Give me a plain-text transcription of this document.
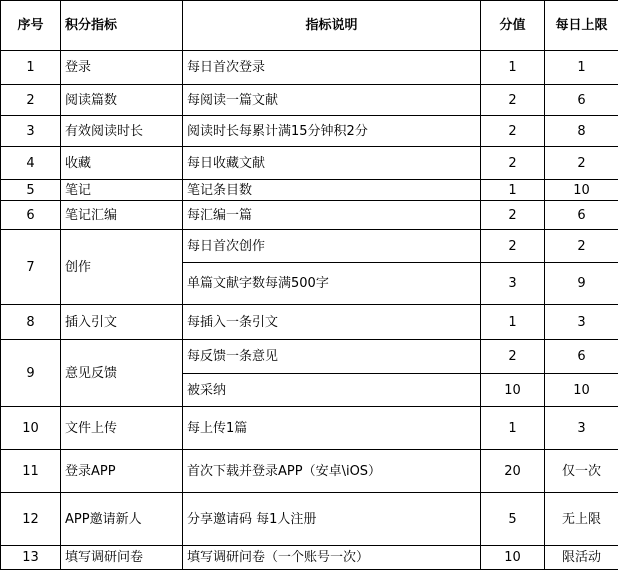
序号	积分指标	指标说明	分值	每日上限
1	登录	每日首次登录	1	1
2	阅读篇数	每阅读一篇文献	2	6
3	有效阅读时长	阅读时长每累计满15分钟积2分	2	8
4	收藏	每日收藏文献	2	2
5	笔记	笔记条目数	1	10
6	笔记汇编	每汇编一篇	2	6
7	创作	每日首次创作	2	2
		单篇文献字数每满500字	3	9
8	插入引文	每插入一条引文	1	3
9	意见反馈	每反馈一条意见	2	6
		被采纳	10	10
10	文件上传	每上传1篇	1	3
11	登录APP	首次下载并登录APP（安卓\iOS）	20	仅一次
12	APP邀请新人	分享邀请码 每1人注册	5	无上限
13	填写调研问卷	填写调研问卷（一个账号一次）	10	限活动
